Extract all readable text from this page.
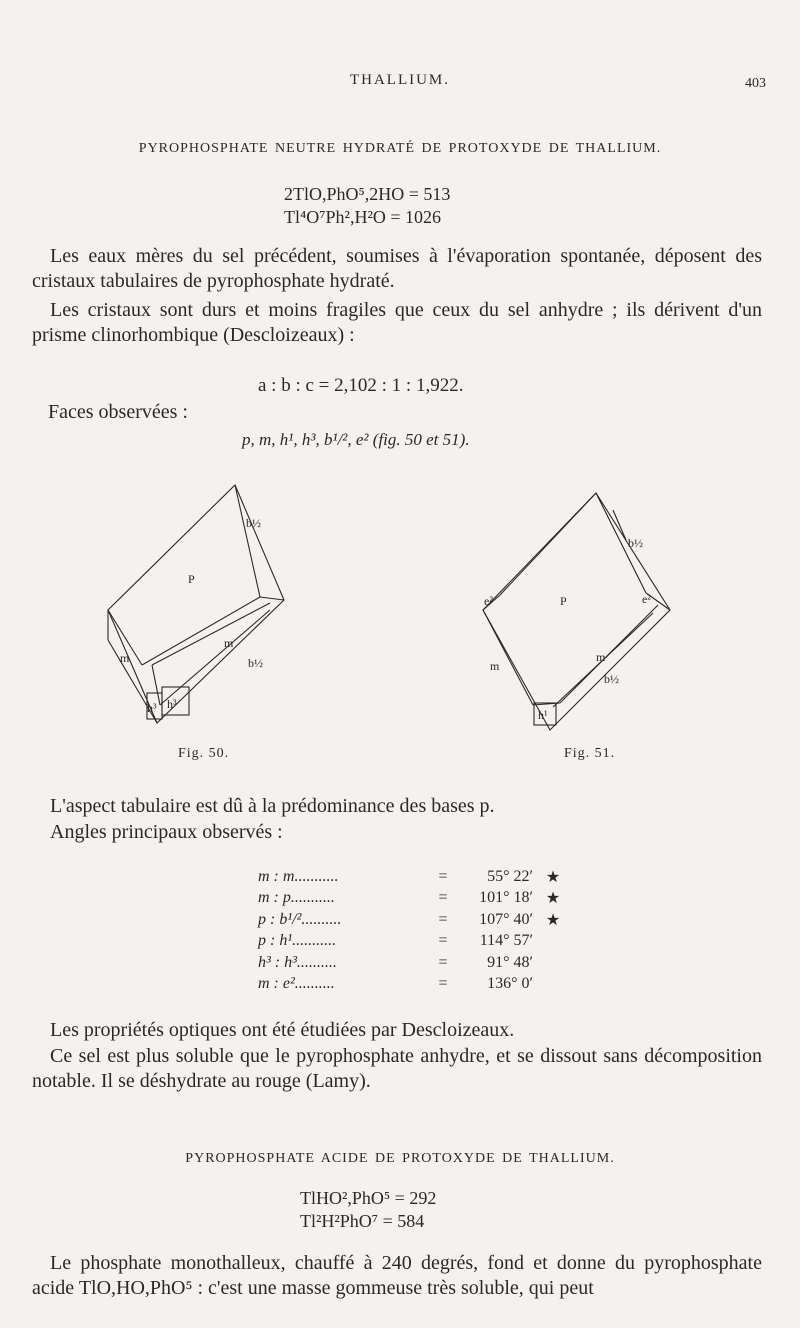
THALLIUM.	403
PYROPHOSPHATE NEUTRE HYDRATÉ DE PROTOXYDE DE THALLIUM.
2TlO,PhO⁵,2HO = 513
Tl⁴O⁷Ph²,H²O = 1026
Les eaux mères du sel précédent, soumises à l'évaporation spontanée, déposent des cristaux tabulaires de pyrophosphate hydraté.
Les cristaux sont durs et moins fragiles que ceux du sel anhydre ; ils dérivent d'un prisme clinorhombique (Descloizeaux) :
a : b : c = 2,102 : 1 : 1,922.
Faces observées :
p, m, h¹, h³, b¹/², e² (fig. 50 et 51).
b½
P
m
m
b½
h³
h³
Fig. 50.
b½
P
e²	e²
m
m
b½
h¹
Fig. 51.
L'aspect tabulaire est dû à la prédominance des bases p.
Angles principaux observés :
m : m...........	=	55° 22′	★
m : p...........	=	101° 18′	★
p : b¹/²..........	=	107° 40′	★
p : h¹...........	=	114° 57′	
h³ : h³..........	=	91° 48′	
m : e²..........	=	136° 0′	
Les propriétés optiques ont été étudiées par Descloizeaux.
Ce sel est plus soluble que le pyrophosphate anhydre, et se dissout sans décomposition notable. Il se déshydrate au rouge (Lamy).
PYROPHOSPHATE ACIDE DE PROTOXYDE DE THALLIUM.
TlHO²,PhO⁵ = 292
Tl²H²PhO⁷ = 584
Le phosphate monothalleux, chauffé à 240 degrés, fond et donne du pyrophosphate acide TlO,HO,PhO⁵ : c'est une masse gommeuse très soluble, qui peut
